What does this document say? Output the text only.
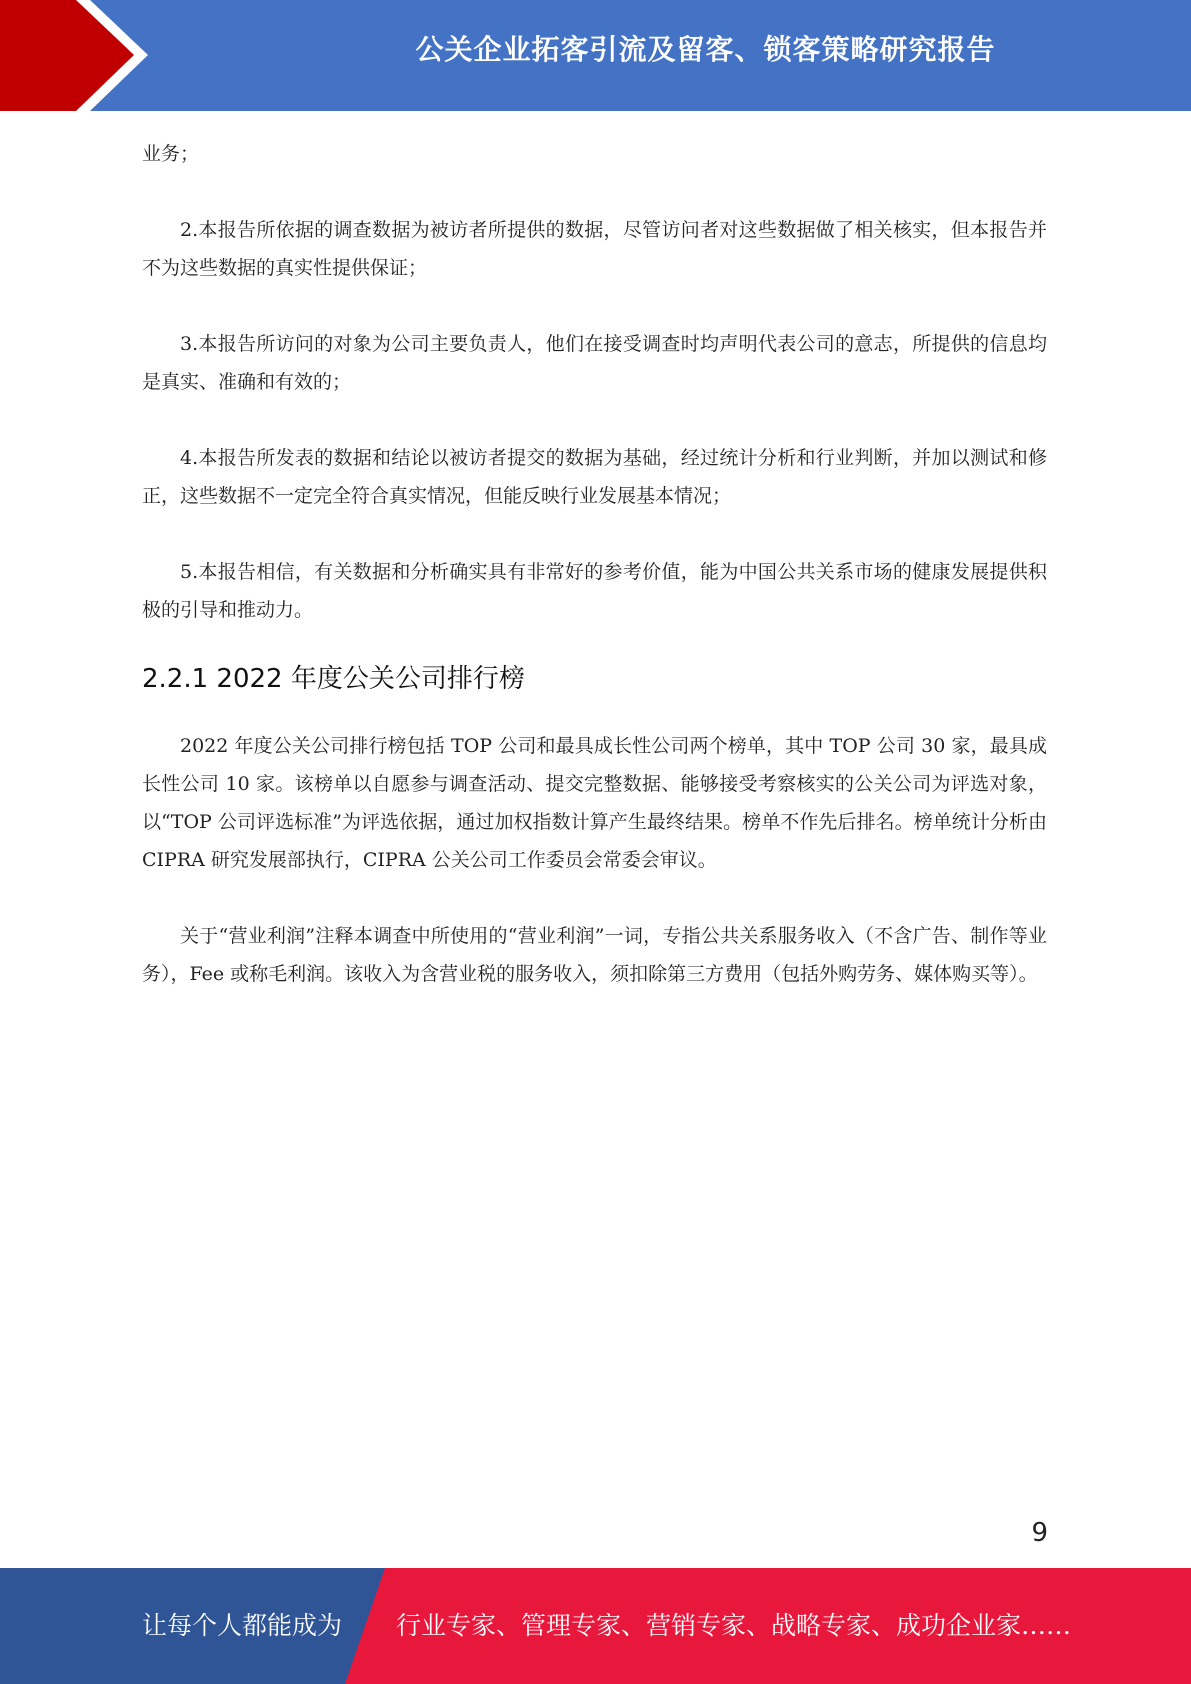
公关企业拓客引流及留客、锁客策略研究报告

业务；

2.本报告所依据的调查数据为被访者所提供的数据，尽管访问者对这些数据做了相关核实，但本报告并不为这些数据的真实性提供保证；

3.本报告所访问的对象为公司主要负责人，他们在接受调查时均声明代表公司的意志，所提供的信息均是真实、准确和有效的；

4.本报告所发表的数据和结论以被访者提交的数据为基础，经过统计分析和行业判断，并加以测试和修正，这些数据不一定完全符合真实情况，但能反映行业发展基本情况；

5.本报告相信，有关数据和分析确实具有非常好的参考价值，能为中国公共关系市场的健康发展提供积极的引导和推动力。

2.2.1 2022 年度公关公司排行榜

2022 年度公关公司排行榜包括 TOP 公司和最具成长性公司两个榜单，其中 TOP 公司 30 家，最具成长性公司 10 家。该榜单以自愿参与调查活动、提交完整数据、能够接受考察核实的公关公司为评选对象，以“TOP 公司评选标准”为评选依据，通过加权指数计算产生最终结果。榜单不作先后排名。榜单统计分析由 CIPRA 研究发展部执行，CIPRA 公关公司工作委员会常委会审议。

关于“营业利润”注释本调查中所使用的“营业利润”一词，专指公共关系服务收入（不含广告、制作等业务），Fee 或称毛利润。该收入为含营业税的服务收入，须扣除第三方费用（包括外购劳务、媒体购买等）。

9
让每个人都能成为 行业专家、管理专家、营销专家、战略专家、成功企业家……
